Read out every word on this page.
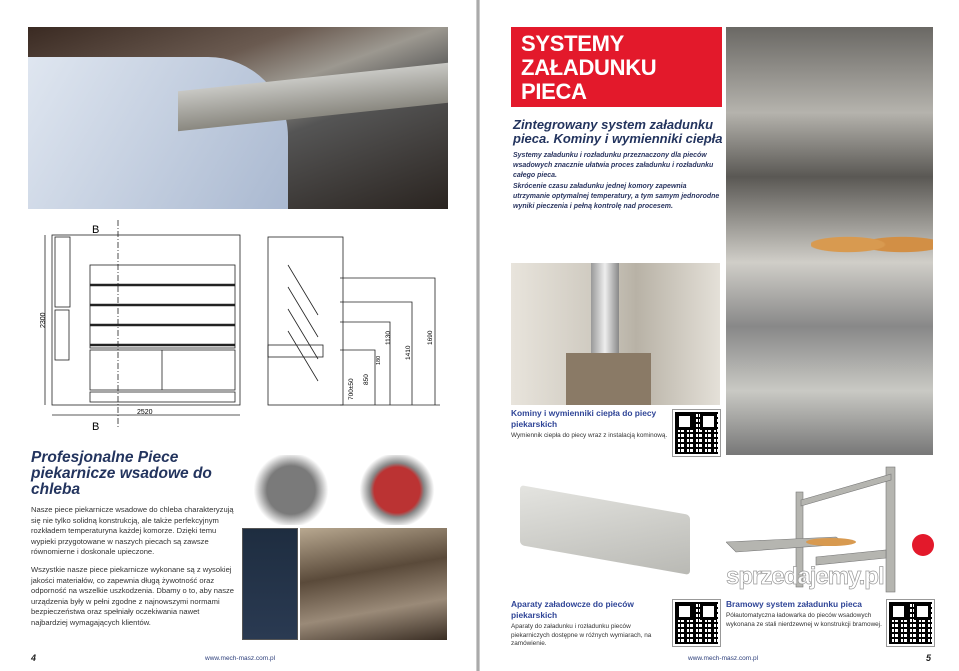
B
B
2520
2300
700±50 850
180
1130
1410
1690
Profesjonalne Piece piekarnicze wsadowe do chleba
Nasze piece piekarnicze wsadowe do chleba charakteryzują się nie tylko solidną konstrukcją, ale także perfekcyjnym rozkładem temperaturyna każdej komorze. Dzięki temu wypieki przygotowane w naszych piecach są zawsze równomierne i doskonale upieczone.
Wszystkie nasze piece piekarnicze wykonane są z wysokiej jakości materiałów, co zapewnia długą żywotność oraz odporność na wszelkie uszkodzenia. Dbamy o to, aby nasze urządzenia były w pełni zgodne z najnowszymi normami bezpieczeństwa oraz spełniały oczekiwania nawet najbardziej wymagających klientów.
4	www.mech-masz.com.pl
SYSTEMY ZAŁADUNKU PIECA
Zintegrowany system załadunku pieca. Kominy i wymienniki ciepła
Systemy załadunku i rozładunku przeznaczony dla pieców wsadowych znacznie ułatwia proces załadunku i rozładunku całego pieca.
Skrócenie czasu załadunku jednej komory zapewnia utrzymanie optymalnej temperatury, a tym samym jednorodne wyniki pieczenia i pełną kontrolę nad procesem.
Kominy i wymienniki ciepła do piecy piekarskich
Wymiennik ciepła do piecy wraz z instalacją kominową.
Aparaty załadowcze do pieców piekarskich
Aparaty do załadunku i rozładunku pieców piekarniczych dostępne w różnych wymiarach, na zamówienie.
Bramowy system załadunku pieca
Półautomatyczna ładowarka do pieców wsadowych wykonana ze stali nierdzewnej w konstrukcji bramowej.
sprzedajemy.pl
www.mech-masz.com.pl	5
